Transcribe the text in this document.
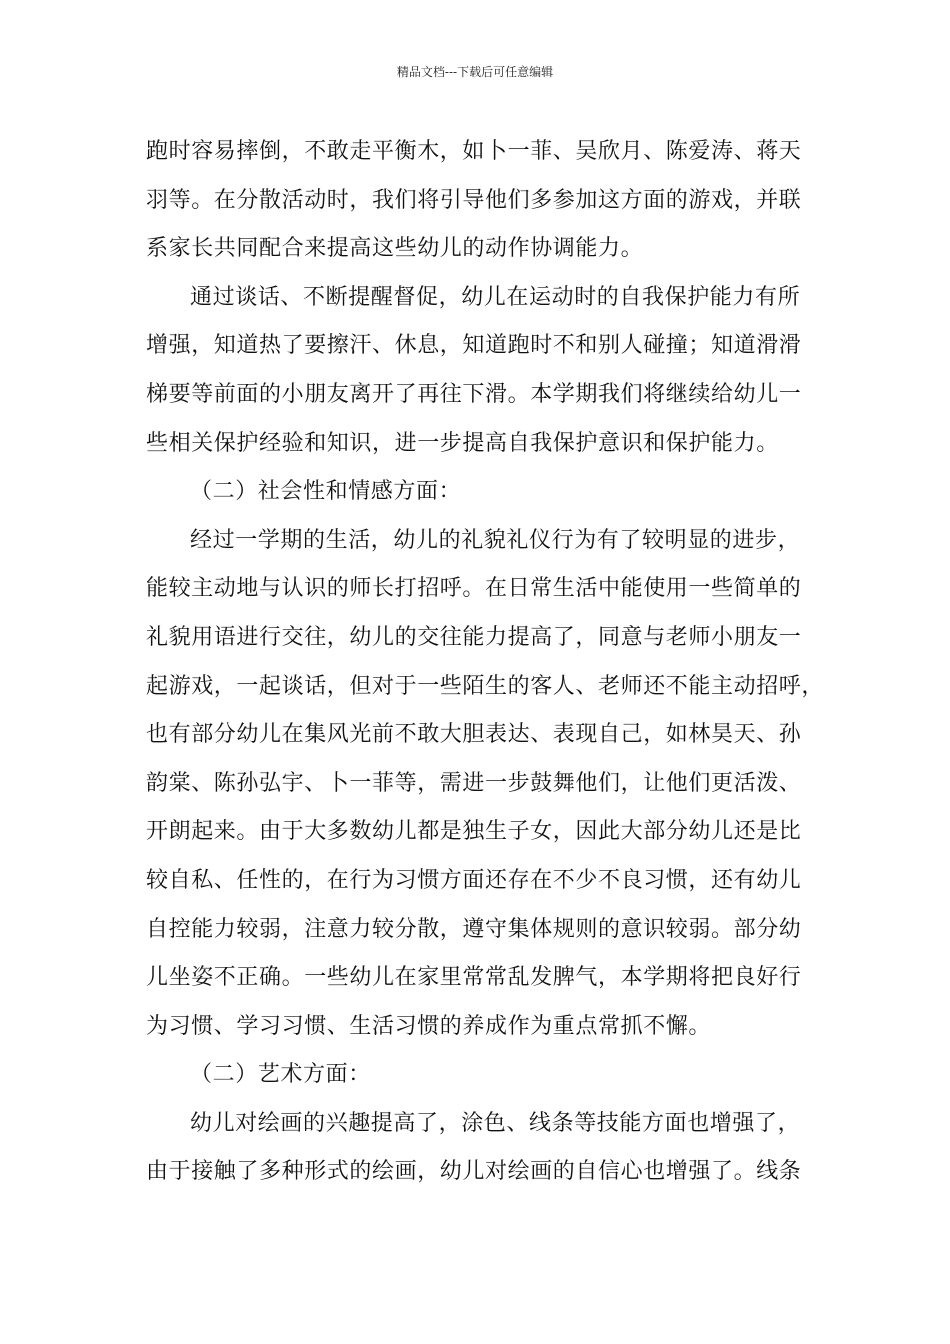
精品文档---下载后可任意编辑
跑时容易摔倒，不敢走平衡木，如卜一菲、吴欣月、陈爱涛、蒋天
羽等。在分散活动时，我们将引导他们多参加这方面的游戏，并联
系家长共同配合来提高这些幼儿的动作协调能力。
通过谈话、不断提醒督促，幼儿在运动时的自我保护能力有所
增强，知道热了要擦汗、休息，知道跑时不和别人碰撞；知道滑滑
梯要等前面的小朋友离开了再往下滑。本学期我们将继续给幼儿一
些相关保护经验和知识，进一步提高自我保护意识和保护能力。
（二）社会性和情感方面：
经过一学期的生活，幼儿的礼貌礼仪行为有了较明显的进步，
能较主动地与认识的师长打招呼。在日常生活中能使用一些简单的
礼貌用语进行交往，幼儿的交往能力提高了，同意与老师小朋友一
起游戏，一起谈话，但对于一些陌生的客人、老师还不能主动招呼，
也有部分幼儿在集风光前不敢大胆表达、表现自己，如林昊天、孙
韵棠、陈孙弘宇、卜一菲等，需进一步鼓舞他们，让他们更活泼、
开朗起来。由于大多数幼儿都是独生子女，因此大部分幼儿还是比
较自私、任性的，在行为习惯方面还存在不少不良习惯，还有幼儿
自控能力较弱，注意力较分散，遵守集体规则的意识较弱。部分幼
儿坐姿不正确。一些幼儿在家里常常乱发脾气，本学期将把良好行
为习惯、学习习惯、生活习惯的养成作为重点常抓不懈。
（二）艺术方面：
幼儿对绘画的兴趣提高了，涂色、线条等技能方面也增强了，
由于接触了多种形式的绘画，幼儿对绘画的自信心也增强了。线条
